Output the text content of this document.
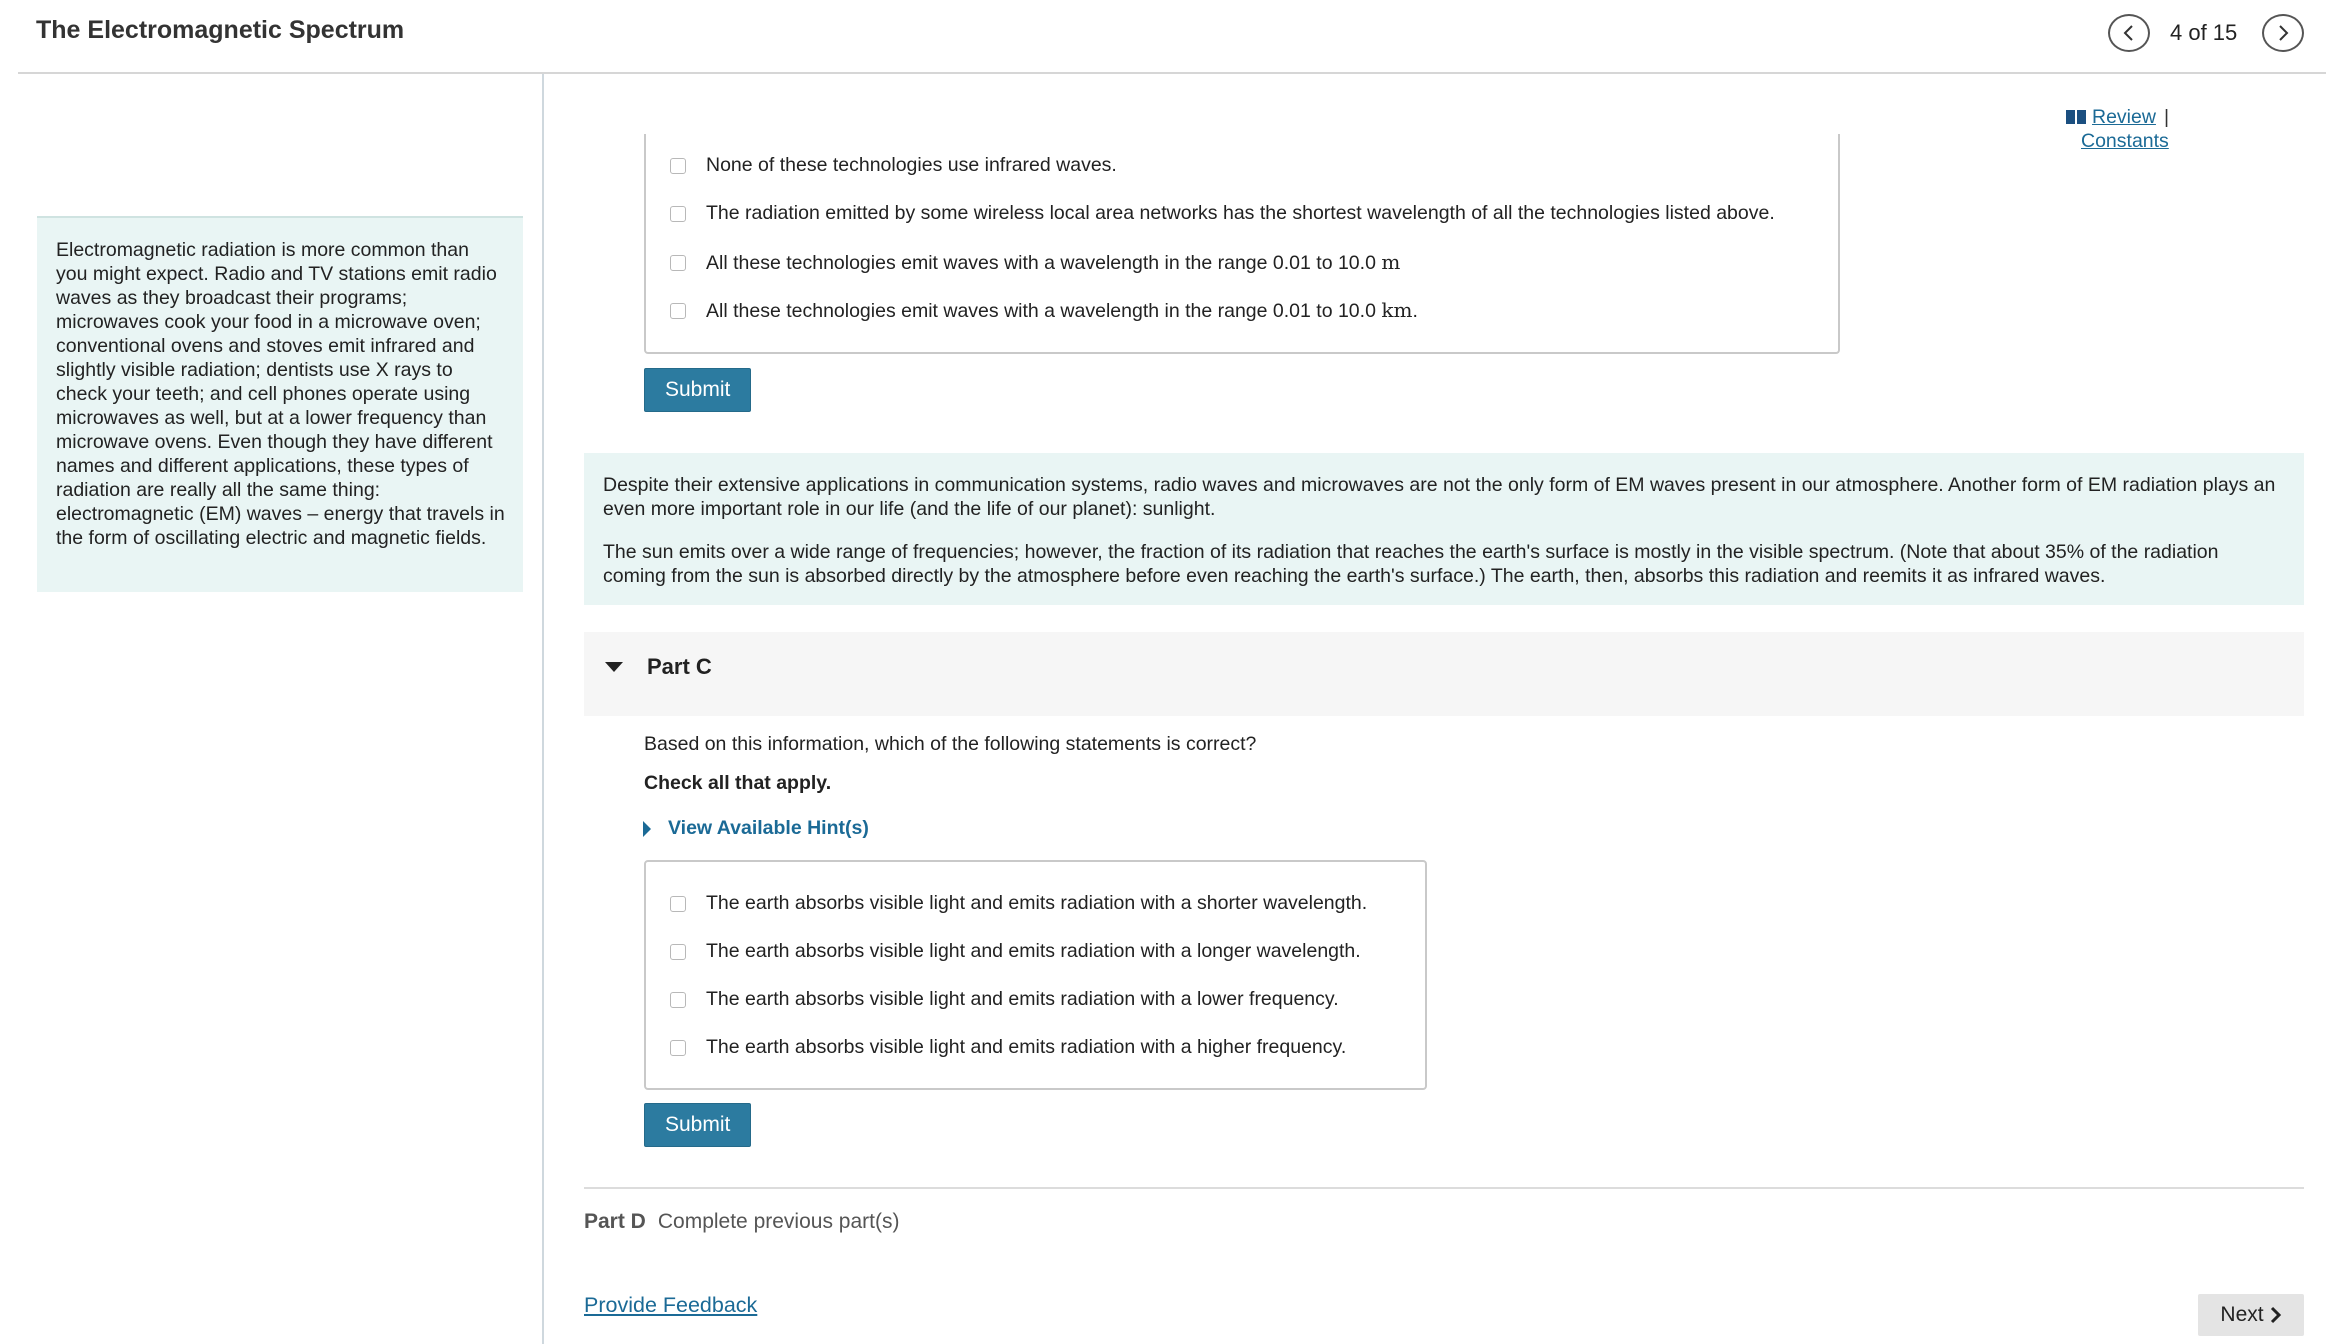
The Electromagnetic Spectrum	4 of 15
Electromagnetic radiation is more common than you might expect. Radio and TV stations emit radio waves as they broadcast their programs; microwaves cook your food in a microwave oven; conventional ovens and stoves emit infrared and slightly visible radiation; dentists use X rays to check your teeth; and cell phones operate using microwaves as well, but at a lower frequency than microwave ovens. Even though they have different names and different applications, these types of radiation are really all the same thing: electromagnetic (EM) waves – energy that travels in the form of oscillating electric and magnetic fields.
Review |
Constants
None of these technologies use infrared waves.
The radiation emitted by some wireless local area networks has the shortest wavelength of all the technologies listed above.
All these technologies emit waves with a wavelength in the range 0.01 to 10.0 m
All these technologies emit waves with a wavelength in the range 0.01 to 10.0 km.
Submit

Despite their extensive applications in communication systems, radio waves and microwaves are not the only form of EM waves present in our atmosphere. Another form of EM radiation plays an even more important role in our life (and the life of our planet): sunlight.

The sun emits over a wide range of frequencies; however, the fraction of its radiation that reaches the earth's surface is mostly in the visible spectrum. (Note that about 35% of the radiation coming from the sun is absorbed directly by the atmosphere before even reaching the earth's surface.) The earth, then, absorbs this radiation and reemits it as infrared waves.

Part C
Based on this information, which of the following statements is correct?
Check all that apply.
View Available Hint(s)
The earth absorbs visible light and emits radiation with a shorter wavelength.
The earth absorbs visible light and emits radiation with a longer wavelength.
The earth absorbs visible light and emits radiation with a lower frequency.
The earth absorbs visible light and emits radiation with a higher frequency.
Submit
Part D Complete previous part(s)
Provide Feedback	Next
